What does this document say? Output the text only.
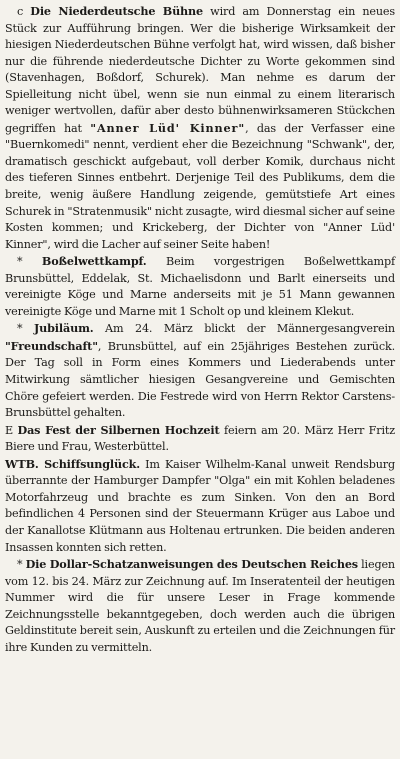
c Die Niederdeutsche Bühne wird am Donnerstag ein neues Stück zur Aufführung bringen. Wer die bisherige Wirksamkeit der hiesigen Niederdeutschen Bühne verfolgt hat, wird wissen, daß bisher nur die führende niederdeutsche Dichter zu Worte gekommen sind (Stavenhagen, Boßdorf, Schurek). Man nehme es darum der Spielleitung nicht übel, wenn sie nun einmal zu einem literarisch weniger wertvollen, dafür aber desto bühnenwirksameren Stückchen gegriffen hat "Anner Lüd' Kinner", das der Verfasser eine "Buernkomedi" nennt, verdient eher die Bezeichnung "Schwank", der, dramatisch geschickt aufgebaut, voll derber Komik, durchaus nicht des tieferen Sinnes entbehrt. Derjenige Teil des Publikums, dem die breite, wenig äußere Handlung zeigende, gemütstiefe Art eines Schurek in "Stratenmusik" nicht zusagte, wird diesmal sicher auf seine Kosten kommen; und Krickeberg, der Dichter von "Anner Lüd' Kinner", wird die Lacher auf seiner Seite haben!

* Boßelwettkampf. Beim vorgestrigen Boßelwettkampf Brunsbüttel, Eddelak, St. Michaelisdonn und Barlt einerseits und vereinigte Köge und Marne anderseits mit je 51 Mann gewannen vereinigte Köge und Marne mit 1 Scholt op und kleinem Klekut.

* Jubiläum. Am 24. März blickt der Männergesangverein "Freundschaft", Brunsbüttel, auf ein 25jähriges Bestehen zurück. Der Tag soll in Form eines Kommers und Liederabends unter Mitwirkung sämtlicher hiesigen Gesangvereine und Gemischten Chöre gefeiert werden. Die Festrede wird von Herrn Rektor Carstens-Brunsbüttel gehalten.

E Das Fest der Silbernen Hochzeit feiern am 20. März Herr Fritz Biere und Frau, Westerbüttel.

WTB. Schiffsunglück. Im Kaiser Wilhelm-Kanal unweit Rendsburg überrannte der Hamburger Dampfer "Olga" ein mit Kohlen beladenes Motorfahrzeug und brachte es zum Sinken. Von den an Bord befindlichen 4 Personen sind der Steuermann Krüger aus Laboe und der Kanallotse Klütmann aus Holtenau ertrunken. Die beiden anderen Insassen konnten sich retten.

* Die Dollar-Schatzanweisungen des Deutschen Reiches liegen vom 12. bis 24. März zur Zeichnung auf. Im Inseratenteil der heutigen Nummer wird die für unsere Leser in Frage kommende Zeichnungsstelle bekanntgegeben, doch werden auch die übrigen Geldinstitute bereit sein, Auskunft zu erteilen und die Zeichnungen für ihre Kunden zu vermitteln.
